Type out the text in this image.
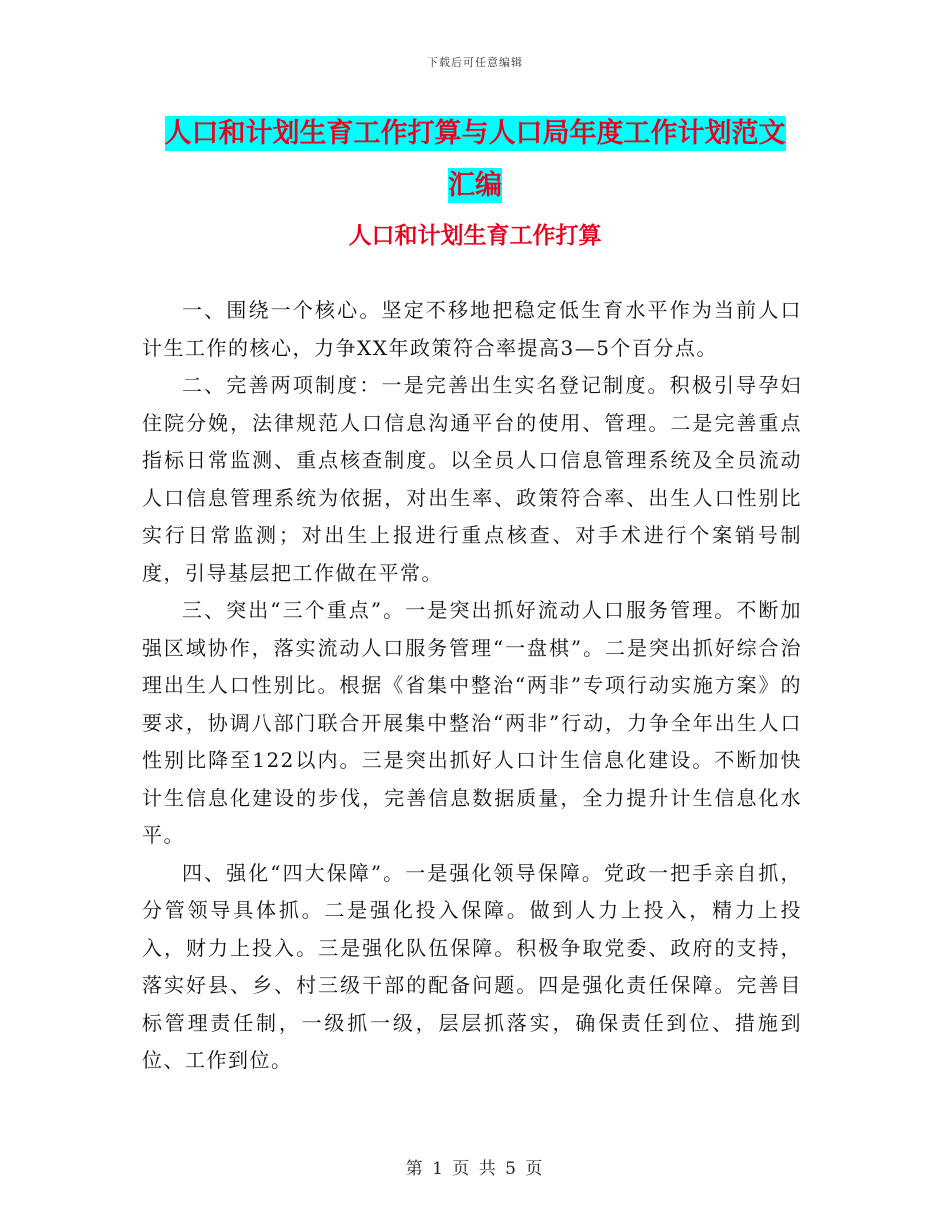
下载后可任意编辑
人口和计划生育工作打算与人口局年度工作计划范文
汇编
人口和计划生育工作打算

一、围绕一个核心。坚定不移地把稳定低生育水平作为当前人口计生工作的核心，力争XX年政策符合率提高3—5个百分点。

二、完善两项制度：一是完善出生实名登记制度。积极引导孕妇住院分娩，法律规范人口信息沟通平台的使用、管理。二是完善重点指标日常监测、重点核查制度。以全员人口信息管理系统及全员流动人口信息管理系统为依据，对出生率、政策符合率、出生人口性别比实行日常监测；对出生上报进行重点核查、对手术进行个案销号制度，引导基层把工作做在平常。

三、突出“三个重点”。一是突出抓好流动人口服务管理。不断加强区域协作，落实流动人口服务管理“一盘棋”。二是突出抓好综合治理出生人口性别比。根据《省集中整治“两非”专项行动实施方案》的要求，协调八部门联合开展集中整治“两非”行动，力争全年出生人口性别比降至122以内。三是突出抓好人口计生信息化建设。不断加快计生信息化建设的步伐，完善信息数据质量，全力提升计生信息化水平。

四、强化“四大保障”。一是强化领导保障。党政一把手亲自抓，分管领导具体抓。二是强化投入保障。做到人力上投入，精力上投入，财力上投入。三是强化队伍保障。积极争取党委、政府的支持，落实好县、乡、村三级干部的配备问题。四是强化责任保障。完善目标管理责任制，一级抓一级，层层抓落实，确保责任到位、措施到位、工作到位。

第 1 页 共 5 页
